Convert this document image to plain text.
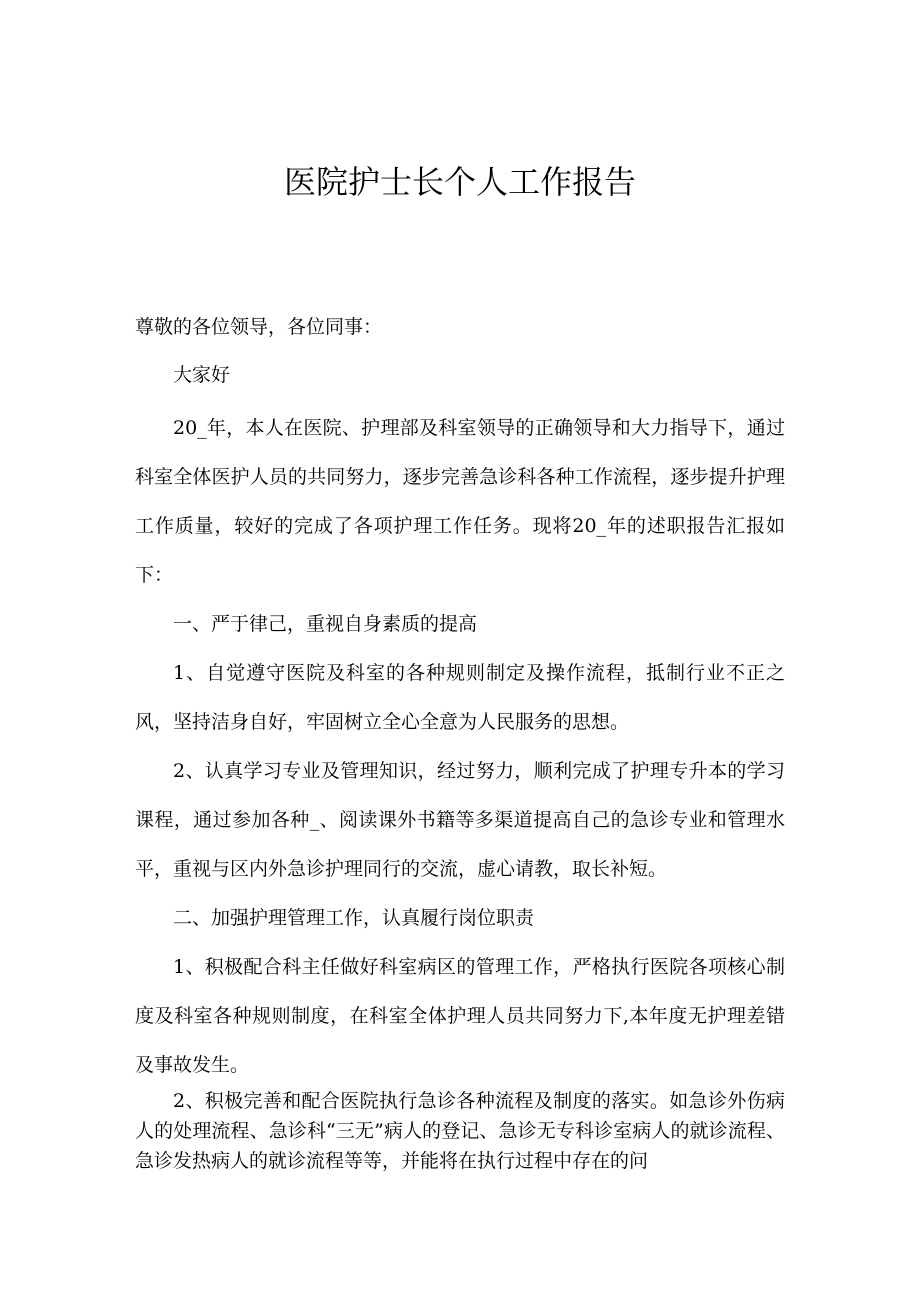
医院护士长个人工作报告
尊敬的各位领导，各位同事：

大家好

20_年，本人在医院、护理部及科室领导的正确领导和大力指导下，通过科室全体医护人员的共同努力，逐步完善急诊科各种工作流程，逐步提升护理工作质量，较好的完成了各项护理工作任务。现将20_年的述职报告汇报如下：

一、严于律己，重视自身素质的提高

1、自觉遵守医院及科室的各种规则制定及操作流程，抵制行业不正之风，坚持洁身自好，牢固树立全心全意为人民服务的思想。

2、认真学习专业及管理知识，经过努力，顺利完成了护理专升本的学习课程，通过参加各种_、阅读课外书籍等多渠道提高自己的急诊专业和管理水平，重视与区内外急诊护理同行的交流，虚心请教，取长补短。

二、加强护理管理工作，认真履行岗位职责

1、积极配合科主任做好科室病区的管理工作，严格执行医院各项核心制度及科室各种规则制度，在科室全体护理人员共同努力下,本年度无护理差错及事故发生。

2、积极完善和配合医院执行急诊各种流程及制度的落实。如急诊外伤病人的处理流程、急诊科“三无”病人的登记、急诊无专科诊室病人的就诊流程、急诊发热病人的就诊流程等等，并能将在执行过程中存在的问
